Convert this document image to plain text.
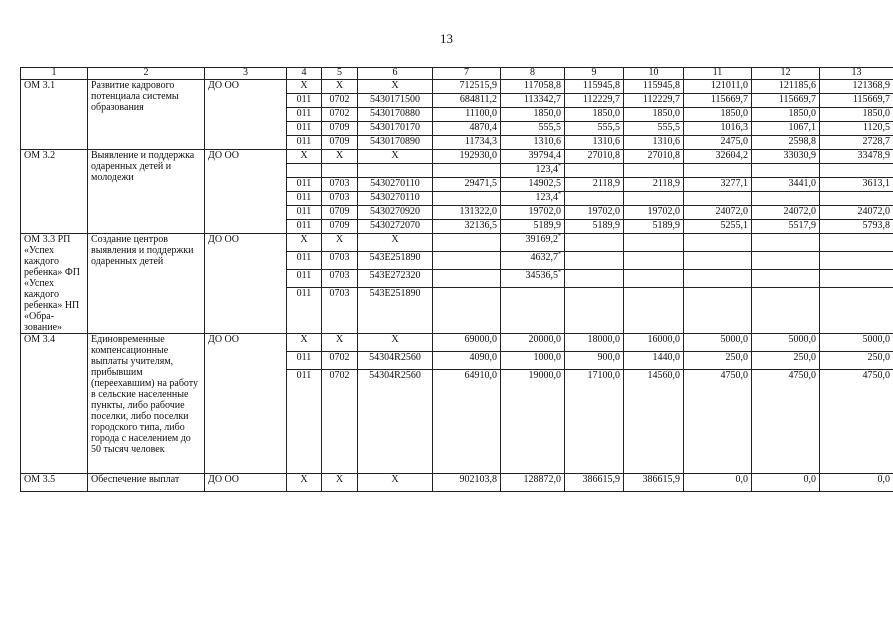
13
1	2	3	4	5	6	7	8	9	10	11	12	13
ОМ 3.1	Развитие кадрового потенциала системы образования	ДО ОО	X	X	X	712515,9	117058,8	115945,8	115945,8	121011,0	121185,6	121368,9
			011	0702	5430171500	684811,2	113342,7	112229,7	112229,7	115669,7	115669,7	115669,7
			011	0702	5430170880	11100,0	1850,0	1850,0	1850,0	1850,0	1850,0	1850,0
			011	0709	5430170170	4870,4	555,5	555,5	555,5	1016,3	1067,1	1120,5
			011	0709	5430170890	11734,3	1310,6	1310,6	1310,6	2475,0	2598,8	2728,7
ОМ 3.2	Выявление и поддержка одаренных детей и молодежи	ДО ОО	X	X	X	192930,0	39794,4	27010,8	27010,8	32604,2	33030,9	33478,9
							123,4*					
			011	0703	5430270110	29471,5	14902,5	2118,9	2118,9	3277,1	3441,0	3613,1
			011	0703	5430270110		123,4*					
			011	0709	5430270920	131322,0	19702,0	19702,0	19702,0	24072,0	24072,0	24072,0
			011	0709	5430272070	32136,5	5189,9	5189,9	5189,9	5255,1	5517,9	5793,8
ОМ 3.3 РП «Успех каждого ребенка» ФП «Успех каждого ребенка» НП «Обра-зование»	Создание центров выявления и поддержки одаренных детей	ДО ОО	X	X	X		39169,2*					
			011	0703	543E251890		4632,7*					
			011	0703	543E272320		34536,5*					
			011	0703	543E251890							
ОМ 3.4	Единовременные компенсационные выплаты учителям, прибывшим (переехавшим) на работу в сельские населенные пункты, либо рабочие поселки, либо поселки городского типа, либо города с населением до 50 тысяч человек	ДО ОО	X	X	X	69000,0	20000,0	18000,0	16000,0	5000,0	5000,0	5000,0
			011	0702	54304R2560	4090,0	1000,0	900,0	1440,0	250,0	250,0	250,0
			011	0702	54304R2560	64910,0	19000,0	17100,0	14560,0	4750,0	4750,0	4750,0
ОМ 3.5	Обеспечение выплат	ДО ОО	X	X	X	902103,8	128872,0	386615,9	386615,9	0,0	0,0	0,0
